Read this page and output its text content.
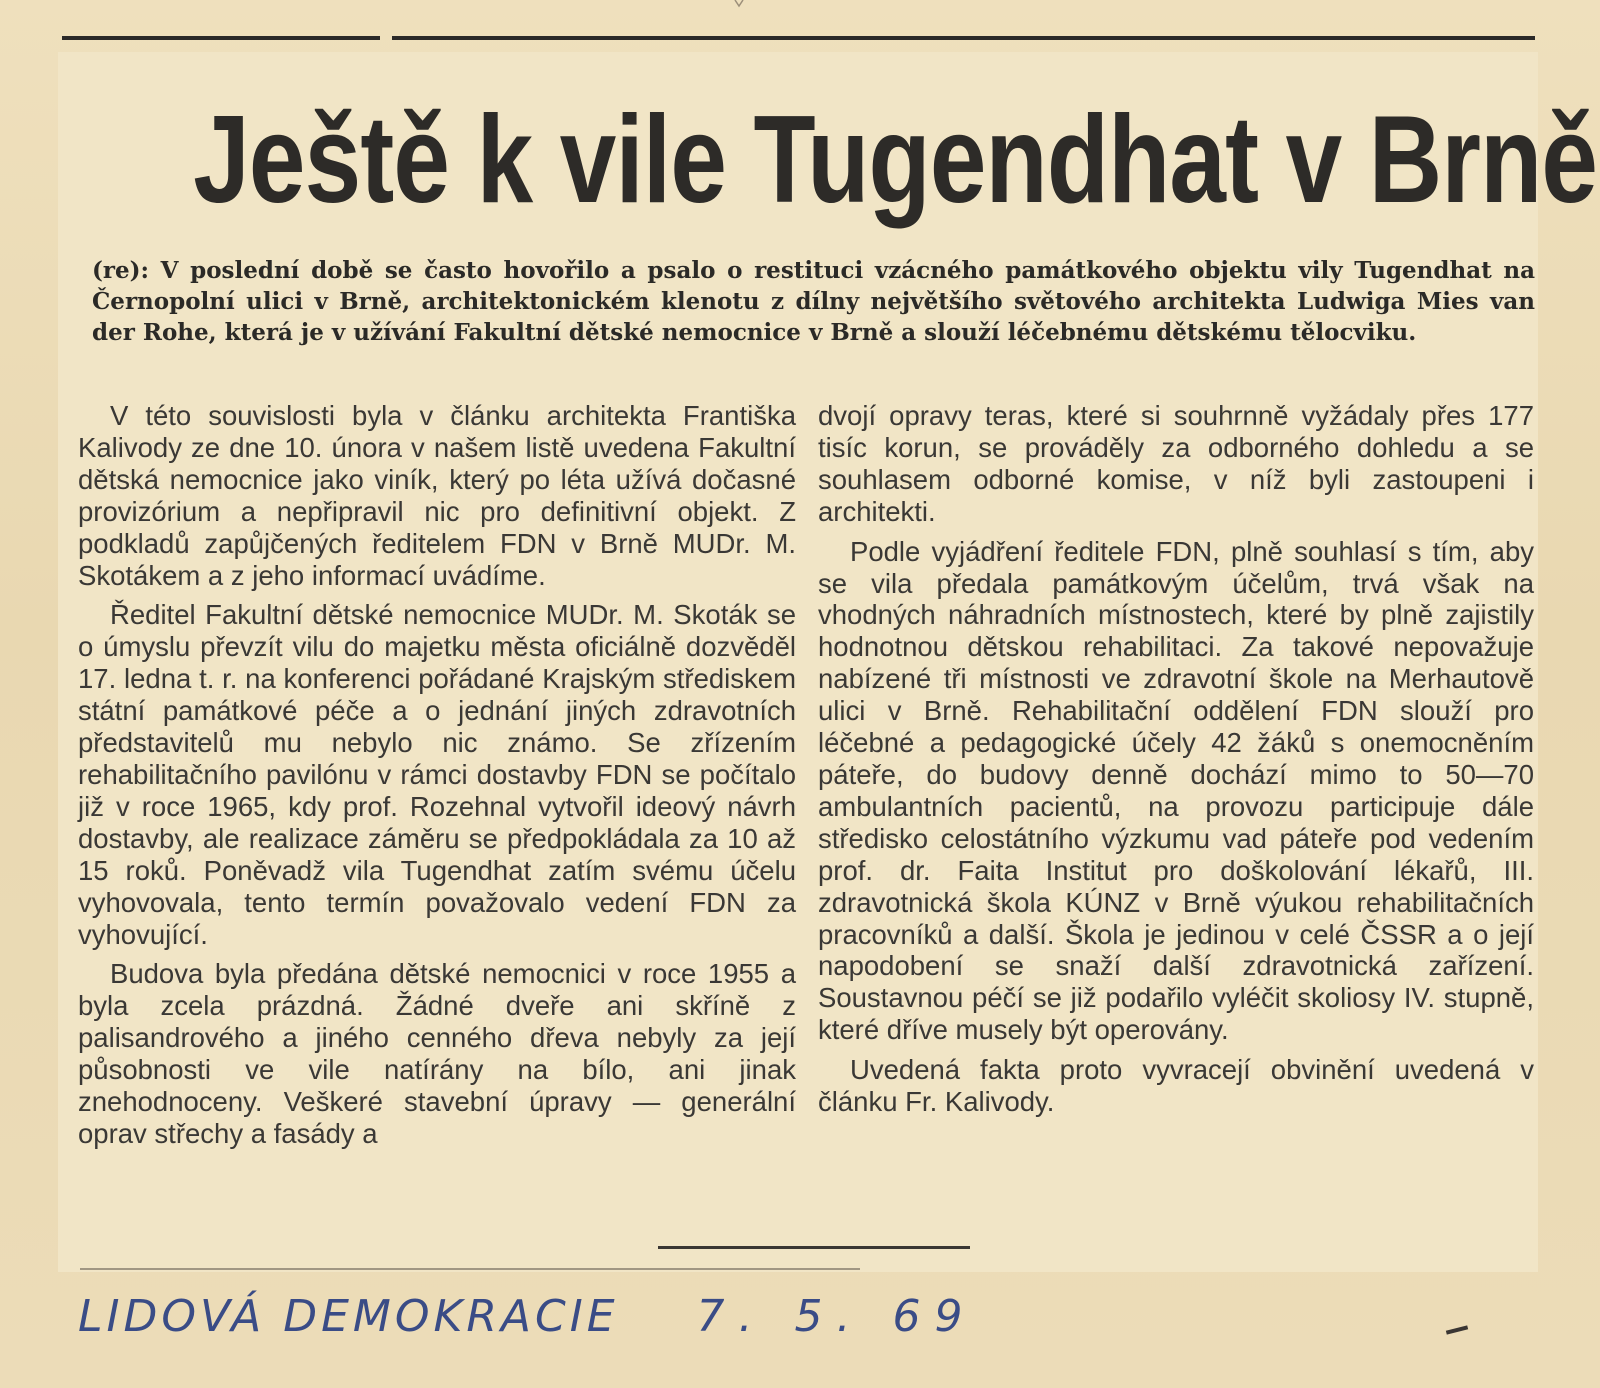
Ještě k vile Tugendhat v Brně

(re): V poslední době se často hovořilo a psalo o restituci vzácného památkového objektu vily Tugendhat na Černopolní ulici v Brně, architektonickém klenotu z dílny největšího světového architekta Ludwiga Mies van der Rohe, která je v užívání Fakultní dětské nemocnice v Brně a slouží léčebnému dětskému tělocviku.

V této souvislosti byla v článku architekta Františka Kalivody ze dne 10. února v našem listě uvedena Fakultní dětská nemocnice jako viník, který po léta užívá dočasné provizórium a nepřipravil nic pro definitivní objekt. Z podkladů zapůjčených ředitelem FDN v Brně MUDr. M. Skotákem a z jeho informací uvádíme.

Ředitel Fakultní dětské nemocnice MUDr. M. Skoták se o úmyslu převzít vilu do majetku města oficiálně dozvěděl 17. ledna t. r. na konferenci pořádané Krajským střediskem státní památkové péče a o jednání jiných zdravotních představitelů mu nebylo nic známo. Se zřízením rehabilitačního pavilónu v rámci dostavby FDN se počítalo již v roce 1965, kdy prof. Rozehnal vytvořil ideový návrh dostavby, ale realizace záměru se předpokládala za 10 až 15 roků. Poněvadž vila Tugendhat zatím svému účelu vyhovovala, tento termín považovalo vedení FDN za vyhovující.

Budova byla předána dětské nemocnici v roce 1955 a byla zcela prázdná. Žádné dveře ani skříně z palisandrového a jiného cenného dřeva nebyly za její působnosti ve vile natírány na bílo, ani jinak znehodnoceny. Veškeré stavební úpravy — generální oprav střechy a fasády a

dvojí opravy teras, které si souhrnně vyžádaly přes 177 tisíc korun, se prováděly za odborného dohledu a se souhlasem odborné komise, v níž byli zastoupeni i architekti.

Podle vyjádření ředitele FDN, plně souhlasí s tím, aby se vila předala památkovým účelům, trvá však na vhodných náhradních místnostech, které by plně zajistily hodnotnou dětskou rehabilitaci. Za takové nepovažuje nabízené tři místnosti ve zdravotní škole na Merhautově ulici v Brně. Rehabilitační oddělení FDN slouží pro léčebné a pedagogické účely 42 žáků s onemocněním páteře, do budovy denně dochází mimo to 50—70 ambulantních pacientů, na provozu participuje dále středisko celostátního výzkumu vad páteře pod vedením prof. dr. Faita Institut pro doškolování lékařů, III. zdravotnická škola KÚNZ v Brně výukou rehabilitačních pracovníků a další. Škola je jedinou v celé ČSSR a o její napodobení se snaží další zdravotnická zařízení. Soustavnou péčí se již podařilo vyléčit skoliosy IV. stupně, které dříve musely být operovány.

Uvedená fakta proto vyvracejí obvinění uvedená v článku Fr. Kalivody.

LIDOVÁ DEMOKRACIE 7. 5. 69
